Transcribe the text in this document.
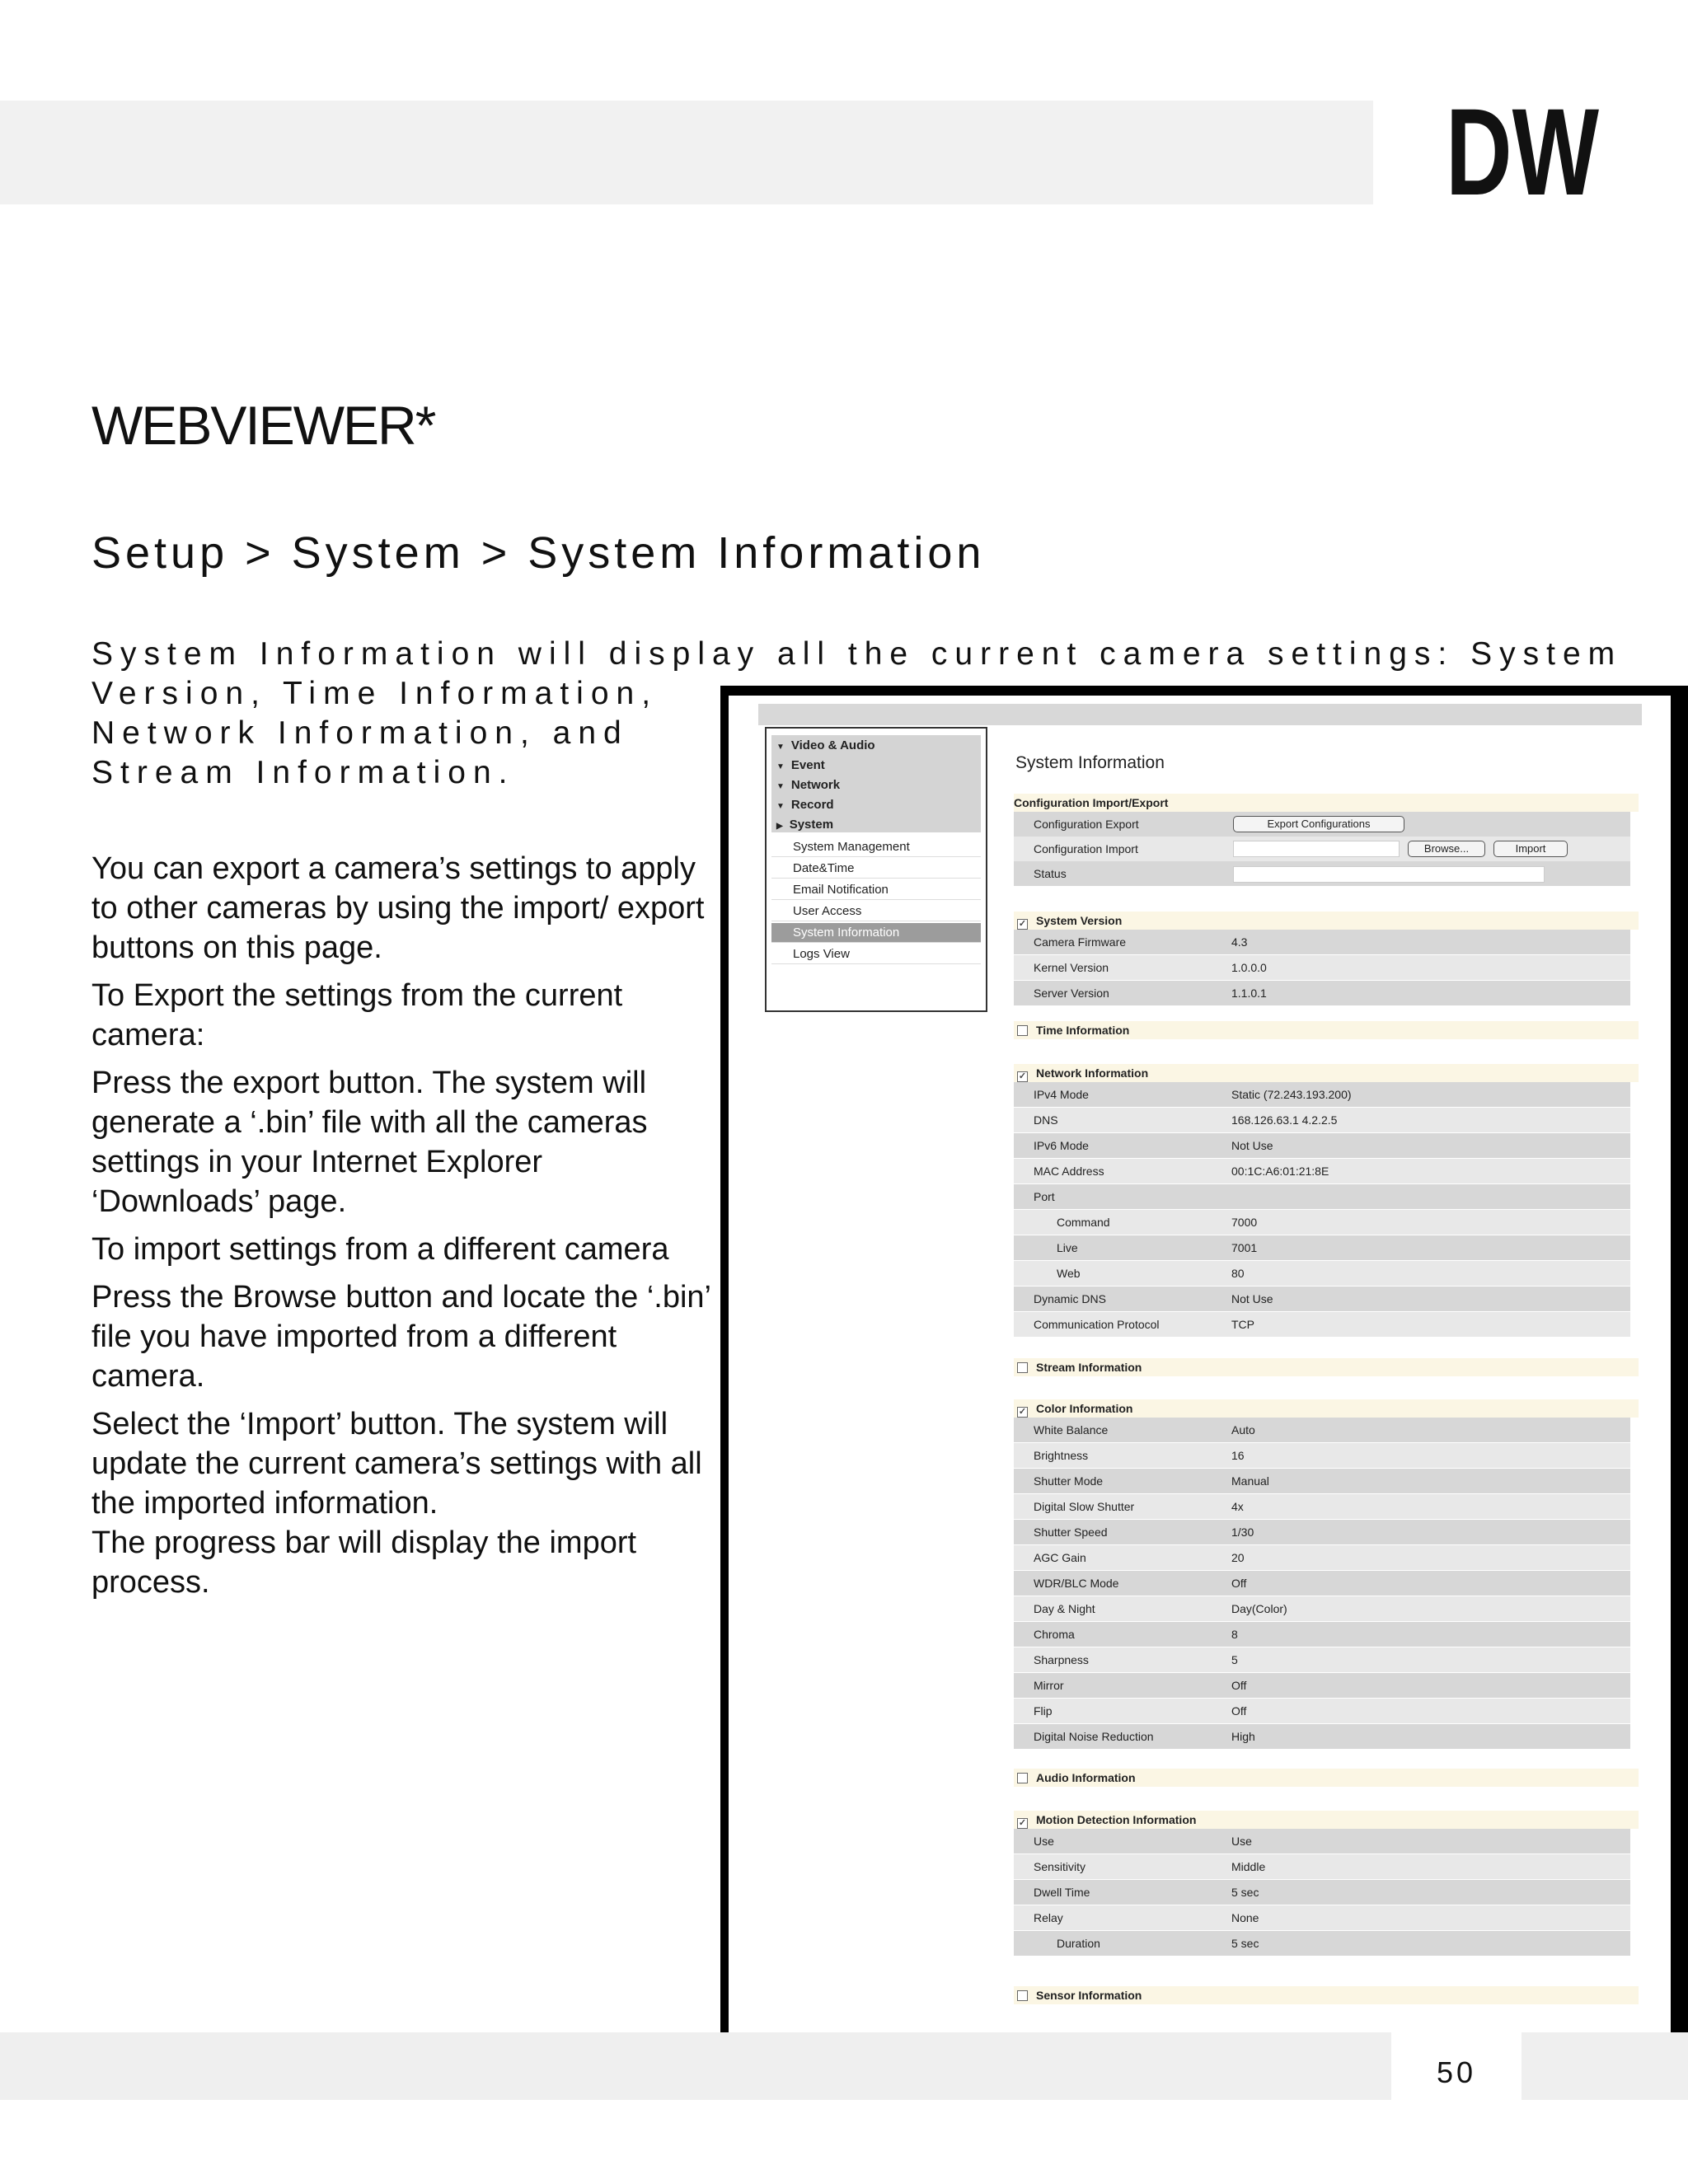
DW
WEBVIEWER*
Setup > System > System Information
System Information will display all the current camera settings: System
Version, Time Information,
Network Information, and
Stream Information.

You can export a camera’s settings to apply to other cameras by using the import/ export buttons on this page.

To Export the settings from the current camera:

Press the export button. The system will generate a ‘.bin’ file with all the cameras settings in your Internet Explorer ‘Downloads’ page.

To import settings from a different camera

Press the Browse button and locate the ‘.bin’ file you have imported from a different camera.

Select the ‘Import’ button. The system will update the current camera’s settings with all the imported information.

The progress bar will display the import process.

▼ Video & Audio
▼ Event
▼ Network
▼ Record
▶ System
System Management
Date&Time
Email Notification
User Access
System Information
Logs View
System Information
Configuration Import/Export
Configuration Export	Export Configurations
Configuration Import	Browse...	Import
Status
✓ System Version
Camera Firmware	4.3
Kernel Version	1.0.0.0
Server Version	1.1.0.1
Time Information
✓ Network Information
IPv4 Mode	Static (72.243.193.200)
DNS	168.126.63.1 4.2.2.5
IPv6 Mode	Not Use
MAC Address	00:1C:A6:01:21:8E
Port
Command	7000
Live	7001
Web	80
Dynamic DNS	Not Use
Communication Protocol	TCP
Stream Information
✓ Color Information
White Balance	Auto
Brightness	16
Shutter Mode	Manual
Digital Slow Shutter	4x
Shutter Speed	1/30
AGC Gain	20
WDR/BLC Mode	Off
Day & Night	Day(Color)
Chroma	8
Sharpness	5
Mirror	Off
Flip	Off
Digital Noise Reduction	High
Audio Information
✓ Motion Detection Information
Use	Use
Sensitivity	Middle
Dwell Time	5 sec
Relay	None
Duration	5 sec
Sensor Information
50
